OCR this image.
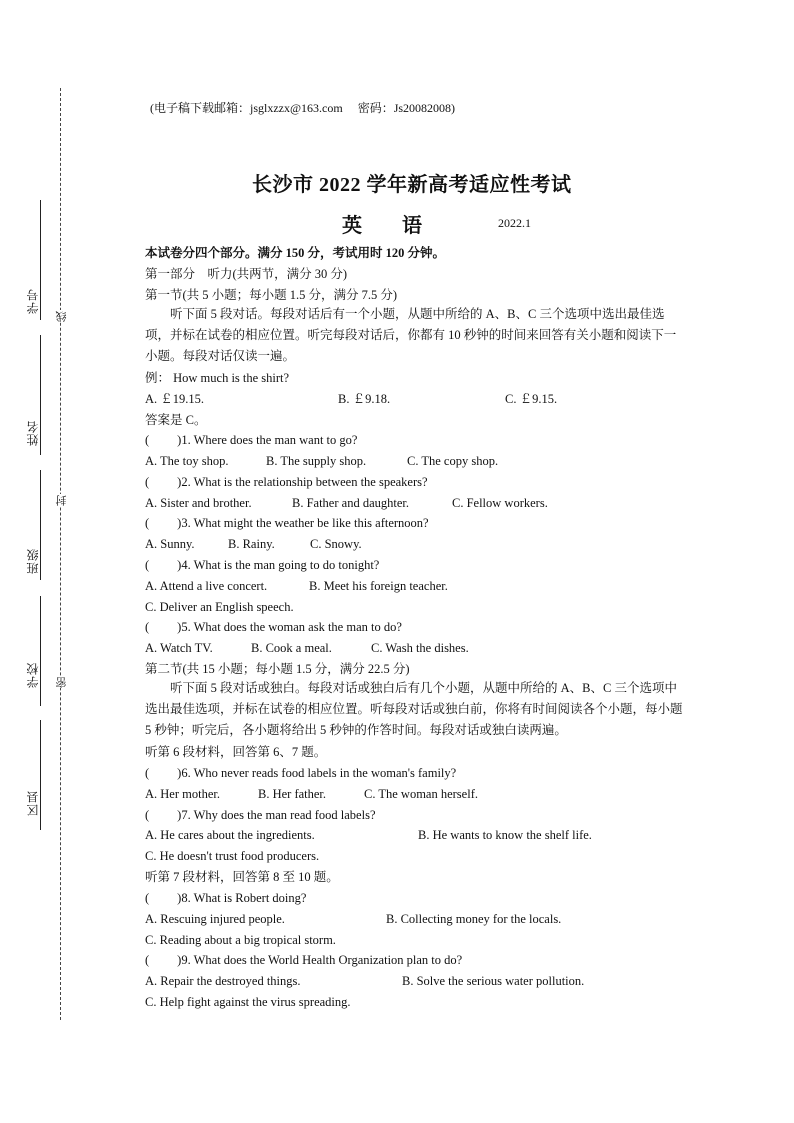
学号
姓名
班级
学校
区县
线
封
密
(电子稿下载邮箱：jsglxzzx@163.com　 密码：Js20082008)
长沙市 2022 学年新高考适应性考试
英　　语	2022.1
本试卷分四个部分。满分 150 分，考试用时 120 分钟。
第一部分　听力(共两节，满分 30 分)
第一节(共 5 小题；每小题 1.5 分，满分 7.5 分)
听下面 5 段对话。每段对话后有一个小题，从题中所给的 A、B、C 三个选项中选出最佳选项，并标在试卷的相应位置。听完每段对话后，你都有 10 秒钟的时间来回答有关小题和阅读下一小题。每段对话仅读一遍。
例： How much is the shirt?
A. ￡19.15.	B. ￡9.18.	C. ￡9.15.
答案是 C。
( )1. Where does the man want to go?
A. The toy shop.	B. The supply shop.	C. The copy shop.
( )2. What is the relationship between the speakers?
A. Sister and brother.	B. Father and daughter.	C. Fellow workers.
( )3. What might the weather be like this afternoon?
A. Sunny.	B. Rainy.	C. Snowy.
( )4. What is the man going to do tonight?
A. Attend a live concert.	B. Meet his foreign teacher.
C. Deliver an English speech.
( )5. What does the woman ask the man to do?
A. Watch TV.	B. Cook a meal.	C. Wash the dishes.
第二节(共 15 小题；每小题 1.5 分，满分 22.5 分)
听下面 5 段对话或独白。每段对话或独白后有几个小题，从题中所给的 A、B、C 三个选项中选出最佳选项，并标在试卷的相应位置。听每段对话或独白前，你将有时间阅读各个小题，每小题 5 秒钟；听完后，各小题将给出 5 秒钟的作答时间。每段对话或独白读两遍。
听第 6 段材料，回答第 6、7 题。
( )6. Who never reads food labels in the woman's family?
A. Her mother.	B. Her father.	C. The woman herself.
( )7. Why does the man read food labels?
A. He cares about the ingredients.	B. He wants to know the shelf life.
C. He doesn't trust food producers.
听第 7 段材料，回答第 8 至 10 题。
( )8. What is Robert doing?
A. Rescuing injured people.	B. Collecting money for the locals.
C. Reading about a big tropical storm.
( )9. What does the World Health Organization plan to do?
A. Repair the destroyed things.	B. Solve the serious water pollution.
C. Help fight against the virus spreading.
